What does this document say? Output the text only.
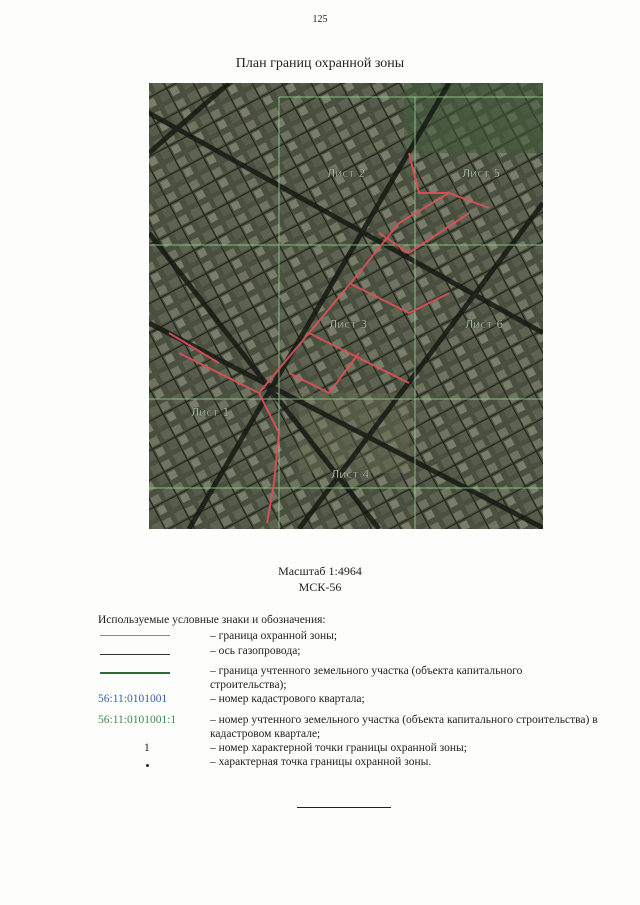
125
План границ охранной зоны
Лист 1
Лист 2
Лист 3
Лист 4
Лист 5
Лист 6
Масштаб 1:4964
МСК-56
Используемые условные знаки и обозначения:
– граница охранной зоны;
– ось газопровода;
– граница учтенного земельного участка (объекта капитального строительства);
56:11:0101001	– номер кадастрового квартала;
56:11:0101001:1	– номер учтенного земельного участка (объекта капитального строительства) в кадастровом квартале;
1	– номер характерной точки границы охранной зоны;
– характерная точка границы охранной зоны.
